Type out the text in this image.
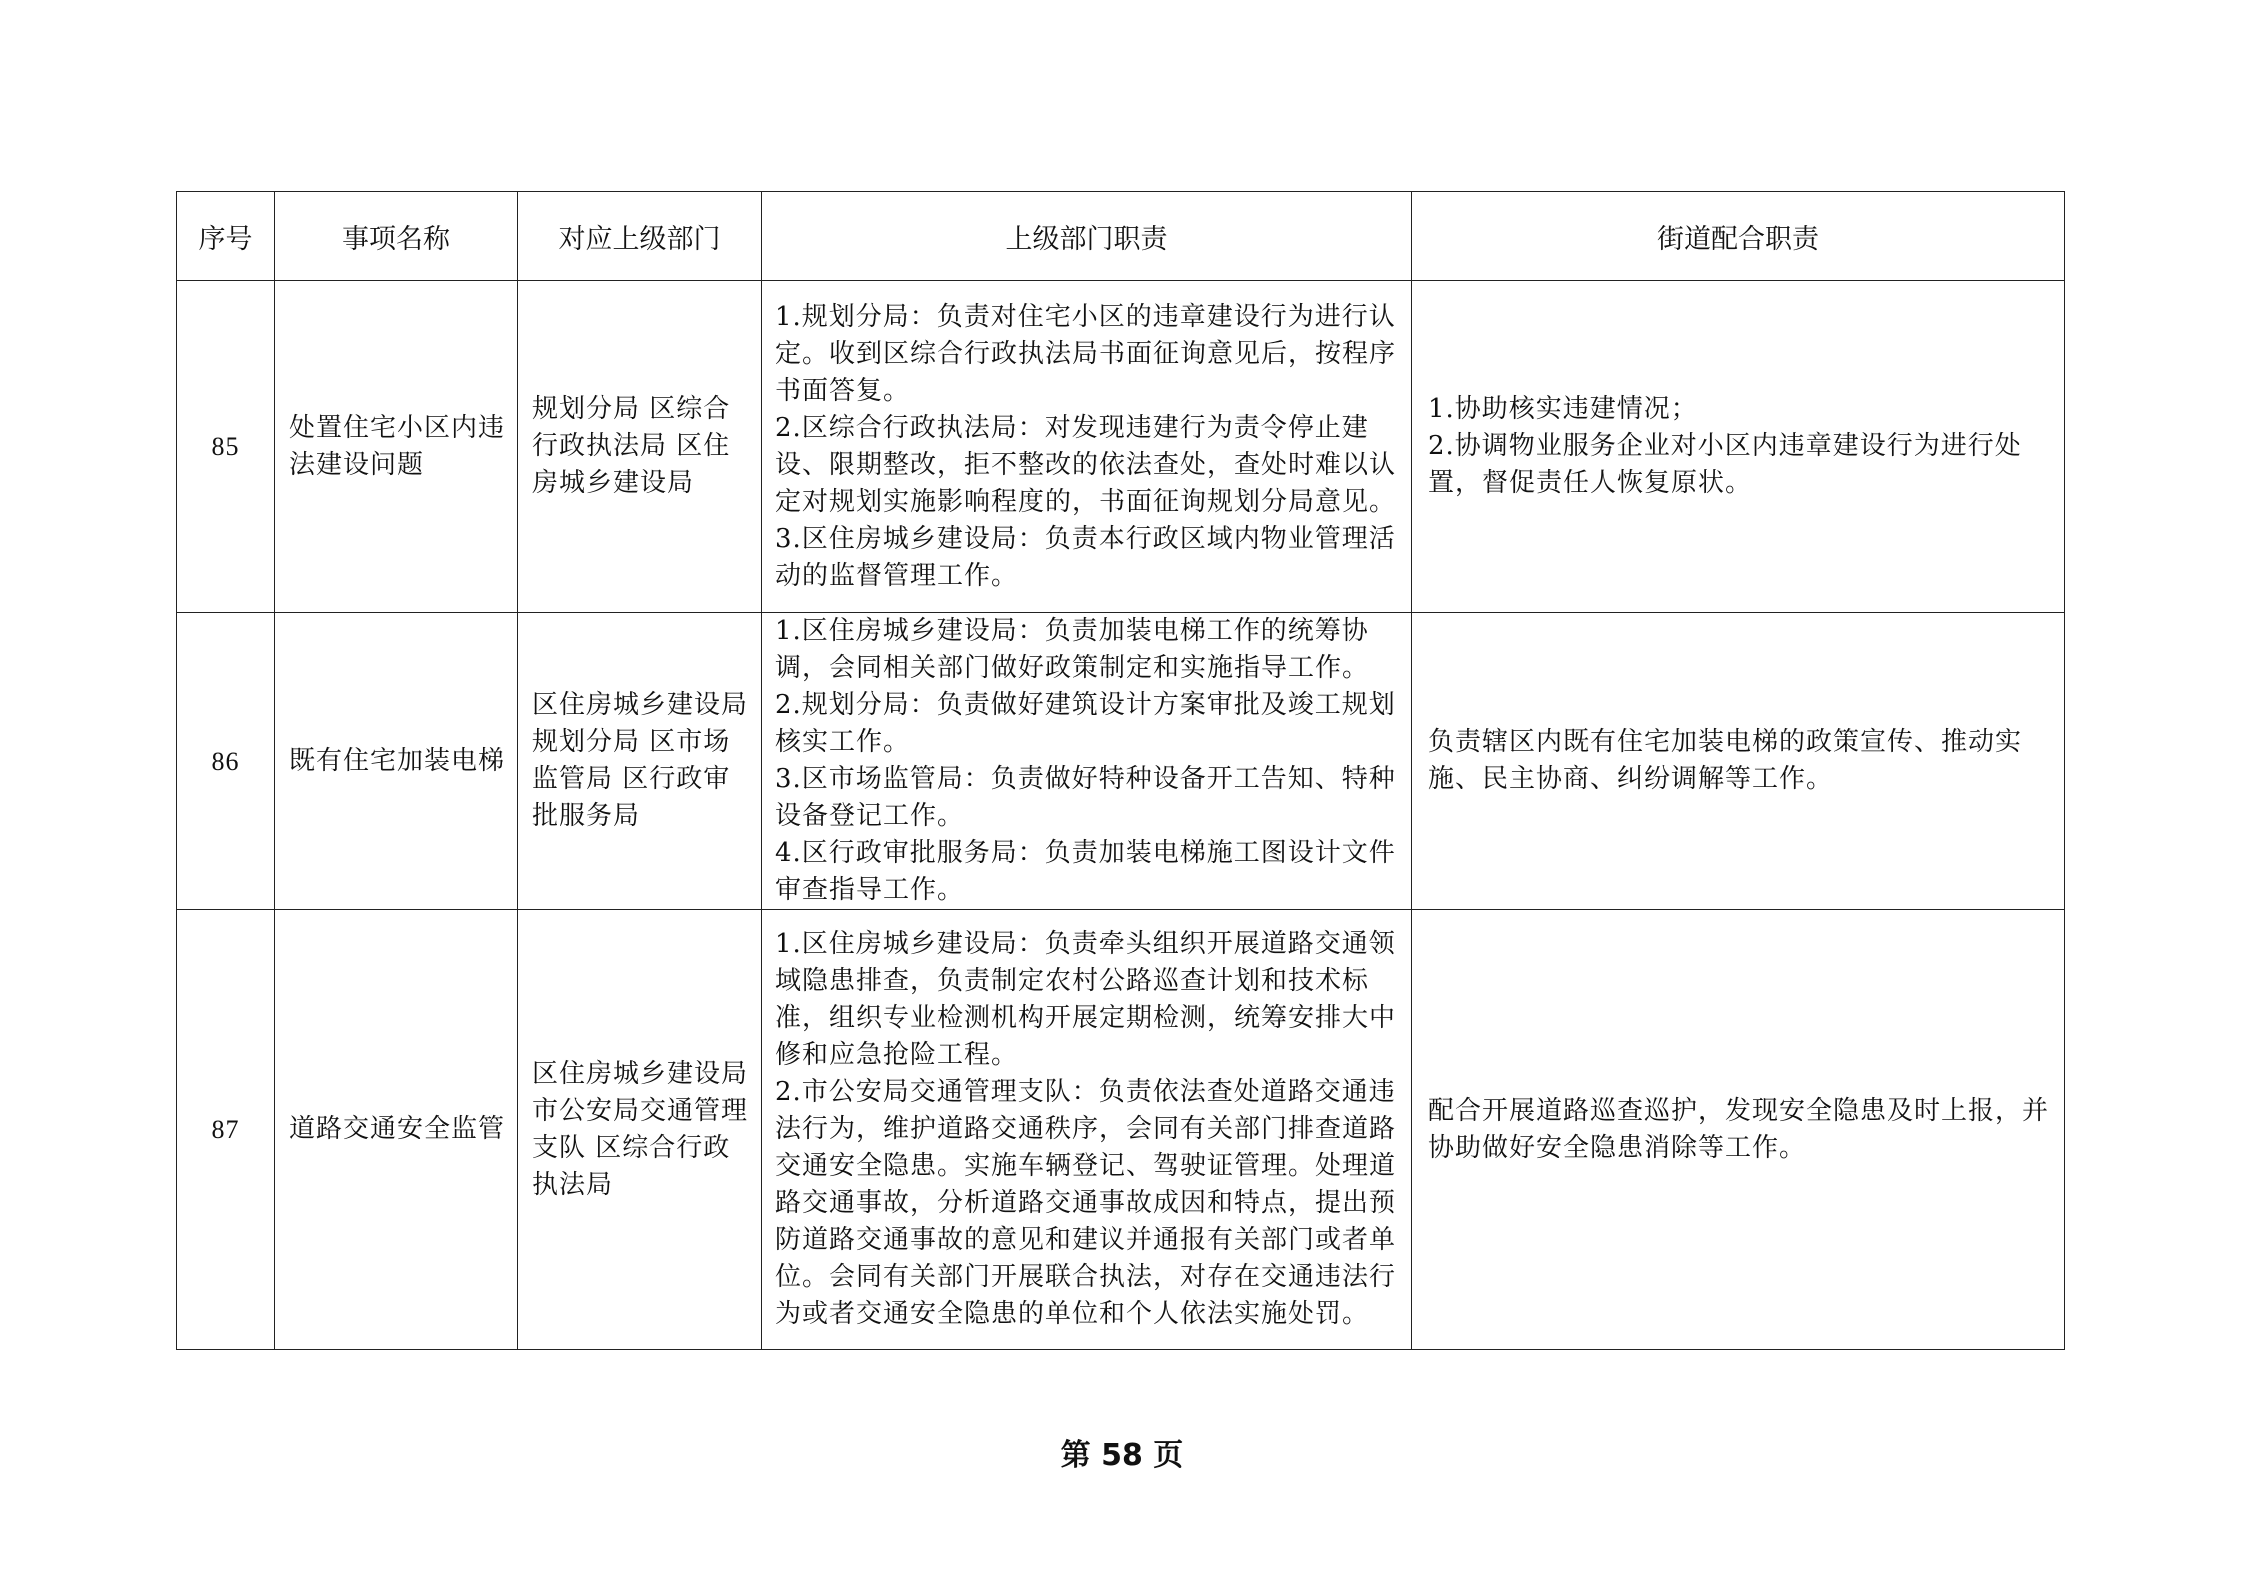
序号	事项名称	对应上级部门	上级部门职责	街道配合职责
85	处置住宅小区内违法建设问题	规划分局 区综合行政执法局 区住房城乡建设局	1.规划分局：负责对住宅小区的违章建设行为进行认定。收到区综合行政执法局书面征询意见后，按程序书面答复。
2.区综合行政执法局：对发现违建行为责令停止建设、限期整改，拒不整改的依法查处，查处时难以认定对规划实施影响程度的，书面征询规划分局意见。
3.区住房城乡建设局：负责本行政区域内物业管理活动的监督管理工作。	1.协助核实违建情况；
2.协调物业服务企业对小区内违章建设行为进行处置，督促责任人恢复原状。

86	既有住宅加装电梯	区住房城乡建设局 规划分局 区市场监管局 区行政审批服务局	1.区住房城乡建设局：负责加装电梯工作的统筹协调，会同相关部门做好政策制定和实施指导工作。
2.规划分局：负责做好建筑设计方案审批及竣工规划核实工作。
3.区市场监管局：负责做好特种设备开工告知、特种设备登记工作。
4.区行政审批服务局：负责加装电梯施工图设计文件审查指导工作。	负责辖区内既有住宅加装电梯的政策宣传、推动实施、民主协商、纠纷调解等工作。

87	道路交通安全监管	区住房城乡建设局 市公安局交通管理支队 区综合行政执法局	1.区住房城乡建设局：负责牵头组织开展道路交通领域隐患排查，负责制定农村公路巡查计划和技术标准，组织专业检测机构开展定期检测，统筹安排大中修和应急抢险工程。
2.市公安局交通管理支队：负责依法查处道路交通违法行为，维护道路交通秩序，会同有关部门排查道路交通安全隐患。实施车辆登记、驾驶证管理。处理道路交通事故，分析道路交通事故成因和特点，提出预防道路交通事故的意见和建议并通报有关部门或者单位。会同有关部门开展联合执法，对存在交通违法行为或者交通安全隐患的单位和个人依法实施处罚。	配合开展道路巡查巡护，发现安全隐患及时上报，并协助做好安全隐患消除等工作。
第 58 页
